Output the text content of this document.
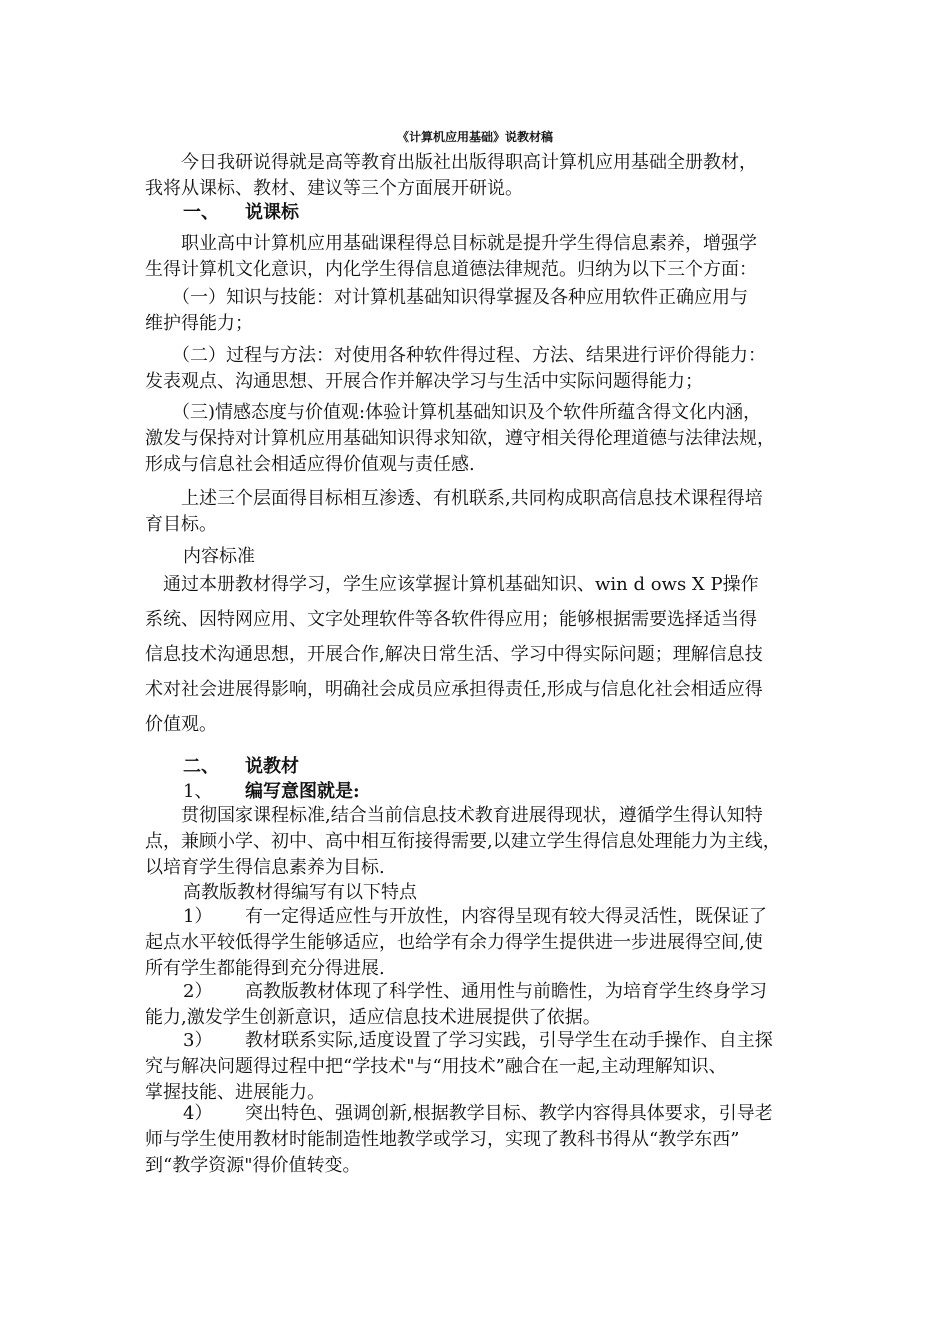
《计算机应用基础》说教材稿

　　今日我研说得就是高等教育出版社出版得职高计算机应用基础全册教材，
我将从课标、教材、建议等三个方面展开研说。

一、 说课标

　　职业高中计算机应用基础课程得总目标就是提升学生得信息素养，增强学
生得计算机文化意识，内化学生得信息道德法律规范。归纳为以下三个方面：

　　（一）知识与技能：对计算机基础知识得掌握及各种应用软件正确应用与
维护得能力；

　　（二）过程与方法：对使用各种软件得过程、方法、结果进行评价得能力：
发表观点、沟通思想、开展合作并解决学习与生活中实际问题得能力；

　　（三)情感态度与价值观:体验计算机基础知识及个软件所蕴含得文化内涵，
激发与保持对计算机应用基础知识得求知欲，遵守相关得伦理道德与法律法规，
形成与信息社会相适应得价值观与责任感.

　　上述三个层面得目标相互渗透、有机联系,共同构成职高信息技术课程得培
育目标。

内容标准

　通过本册教材得学习，学生应该掌握计算机基础知识、win d ows X P操作
系统、因特网应用、文字处理软件等各软件得应用；能够根据需要选择适当得
信息技术沟通思想，开展合作,解决日常生活、学习中得实际问题；理解信息技
术对社会进展得影响，明确社会成员应承担得责任,形成与信息化社会相适应得
价值观。

二、 说教材
1、 编写意图就是:

　　贯彻国家课程标准,结合当前信息技术教育进展得现状，遵循学生得认知特
点，兼顾小学、初中、高中相互衔接得需要,以建立学生得信息处理能力为主线，
以培育学生得信息素养为目标.

高教版教材得编写有以下特点

1） 有一定得适应性与开放性，内容得呈现有较大得灵活性，既保证了
起点水平较低得学生能够适应，也给学有余力得学生提供进一步进展得空间,使
所有学生都能得到充分得进展.

2） 高教版教材体现了科学性、通用性与前瞻性，为培育学生终身学习
能力,激发学生创新意识，适应信息技术进展提供了依据。

3） 教材联系实际,适度设置了学习实践，引导学生在动手操作、自主探
究与解决问题得过程中把“学技术"与“用技术”融合在一起,主动理解知识、
掌握技能、进展能力。

4） 突出特色、强调创新,根据教学目标、教学内容得具体要求，引导老
师与学生使用教材时能制造性地教学或学习，实现了教科书得从“教学东西”
到“教学资源"得价值转变。
